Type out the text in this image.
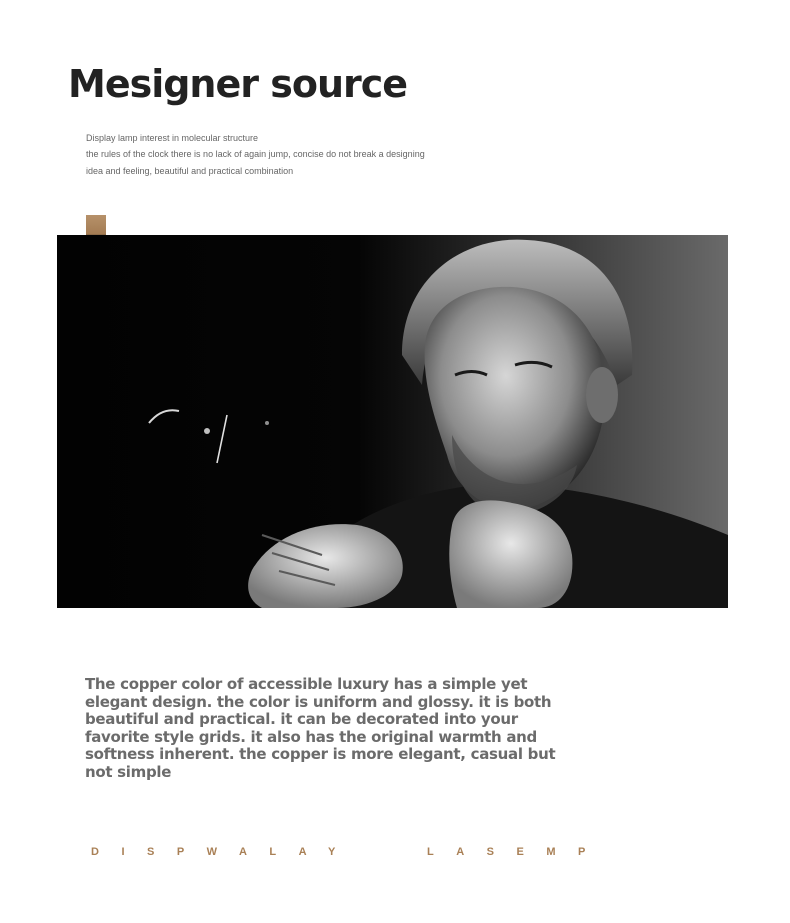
Mesigner source
Display lamp interest in molecular structure
the rules of the clock there is no lack of again jump, concise do not break a designing
idea and feeling, beautiful and practical combination

The copper color of accessible luxury has a simple yet elegant design. the color is uniform and glossy. it is both beautiful and practical. it can be decorated into your favorite style grids. it also has the original warmth and softness inherent. the copper is more elegant, casual but not simple

DISPWALAY	LASEMP
